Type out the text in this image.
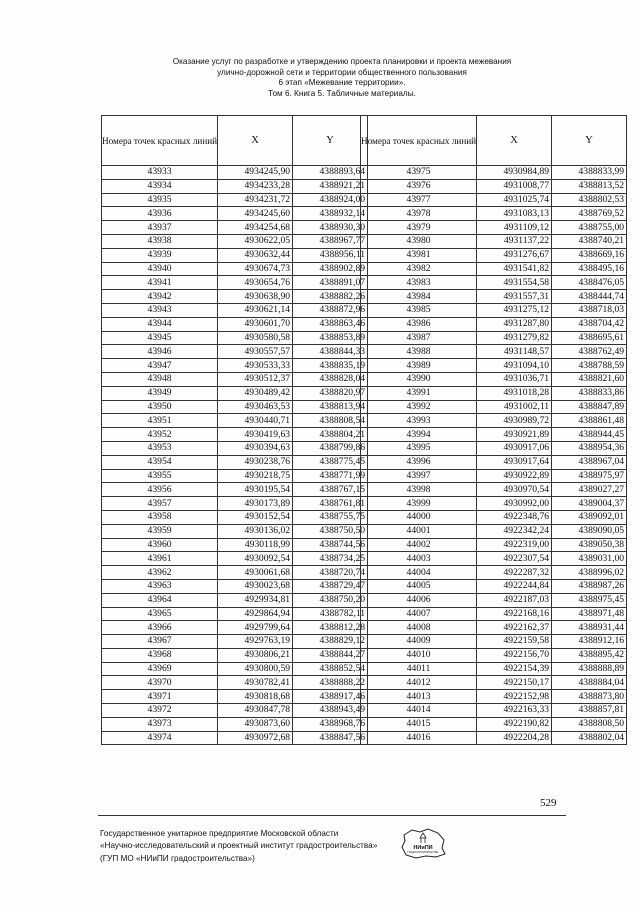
Оказание услуг по разработке и утверждению проекта планировки и проекта межевания
улично-дорожной сети и территории общественного пользования
6 этап «Межевание территории».
Том 6. Книга 5. Табличные материалы.
Номера точек красных линий	X	Y
43933	4934245,90	4388893,64
43934	4934233,28	4388921,21
43935	4934231,72	4388924,00
43936	4934245,60	4388932,14
43937	4934254,68	4388930,30
43938	4930622,05	4388967,77
43939	4930632,44	4388956,11
43940	4930674,73	4388902,89
43941	4930654,76	4388891,07
43942	4930638,90	4388882,26
43943	4930621,14	4388872,96
43944	4930601,70	4388863,46
43945	4930580,58	4388853,89
43946	4930557,57	4388844,33
43947	4930533,33	4388835,19
43948	4930512,37	4388828,04
43949	4930489,42	4388820,97
43950	4930463,53	4388813,94
43951	4930440,71	4388808,54
43952	4930419,63	4388804,21
43953	4930394,63	4388799,86
43954	4930238,76	4388775,45
43955	4930218,75	4388771,99
43956	4930195,54	4388767,15
43957	4930173,89	4388761,81
43958	4930152,54	4388755,75
43959	4930136,02	4388750,50
43960	4930118,99	4388744,56
43961	4930092,54	4388734,25
43962	4930061,68	4388720,74
43963	4930023,68	4388729,47
43964	4929934,81	4388750,20
43965	4929864,94	4388782,11
43966	4929799,64	4388812,28
43967	4929763,19	4388829,12
43968	4930806,21	4388844,27
43969	4930800,59	4388852,54
43970	4930782,41	4388888,22
43971	4930818,68	4388917,46
43972	4930847,78	4388943,49
43973	4930873,60	4388968,76
43974	4930972,68	4388847,56
Номера точек красных линий	X	Y
43975	4930984,89	4388833,99
43976	4931008,77	4388813,52
43977	4931025,74	4388802,53
43978	4931083,13	4388769,52
43979	4931109,12	4388755,00
43980	4931137,22	4388740,21
43981	4931276,67	4388669,16
43982	4931541,82	4388495,16
43983	4931554,58	4388476,05
43984	4931557,31	4388444,74
43985	4931275,12	4388718,03
43986	4931287,80	4388704,42
43987	4931279,82	4388695,61
43988	4931148,57	4388762,49
43989	4931094,10	4388788,59
43990	4931036,71	4388821,60
43991	4931018,28	4388833,86
43992	4931002,11	4388847,89
43993	4930989,72	4388861,48
43994	4930921,89	4388944,45
43995	4930917,06	4388954,36
43996	4930917,64	4388967,04
43997	4930922,89	4388975,97
43998	4930970,54	4389027,27
43999	4930992,00	4389004,37
44000	4922348,76	4389092,01
44001	4922342,24	4389090,05
44002	4922319,00	4389050,38
44003	4922307,54	4389031,00
44004	4922287,32	4388996,02
44005	4922244,84	4388987,26
44006	4922187,03	4388975,45
44007	4922168,16	4388971,48
44008	4922162,37	4388931,44
44009	4922159,58	4388912,16
44010	4922156,70	4388895,42
44011	4922154,39	4388888,89
44012	4922150,17	4388884,04
44013	4922152,98	4388873,80
44014	4922163,33	4388857,81
44015	4922190,82	4388808,50
44016	4922204,28	4388802,04
529
Государственное унитарное предприятие Московской области
«Научно-исследовательский и проектный институт градостроительства»
(ГУП МО «НИиПИ градостроительства»)
НИиПИ
ГРАДОСТРОИТЕЛЬСТВА
